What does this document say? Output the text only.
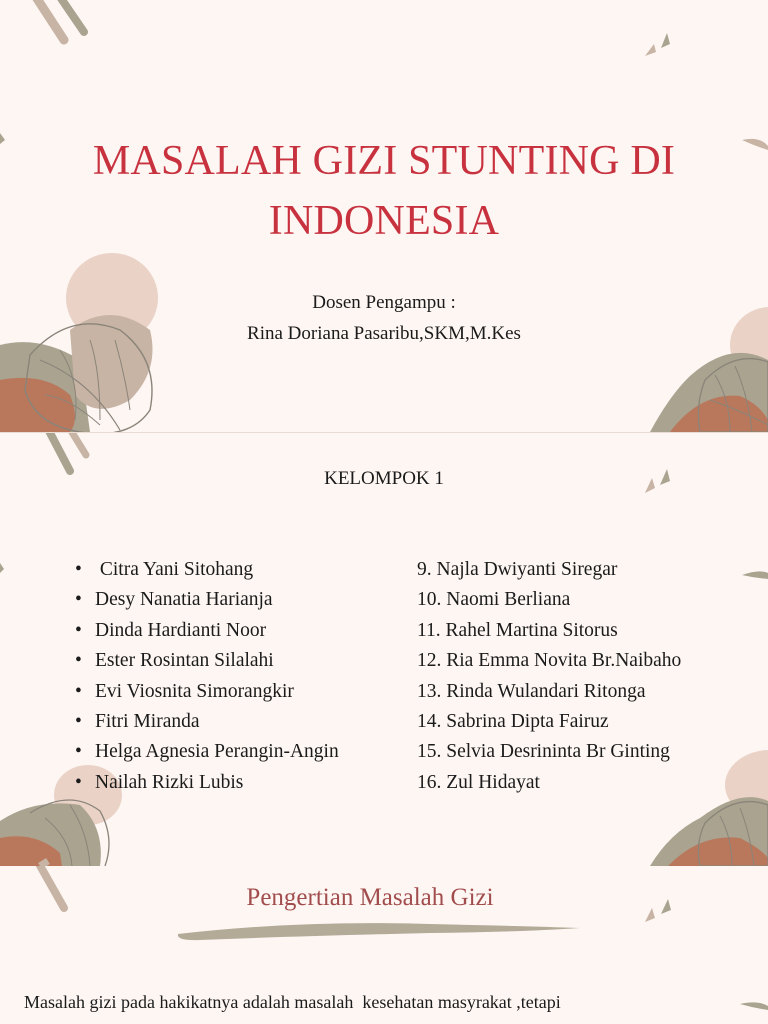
MASALAH GIZI STUNTING DI
INDONESIA
Dosen Pengampu :
Rina Doriana Pasaribu,SKM,M.Kes
KELOMPOK 1
• Citra Yani Sitohang
• Desy Nanatia Harianja
• Dinda Hardianti Noor
• Ester Rosintan Silalahi
• Evi Viosnita Simorangkir
• Fitri Miranda
• Helga Agnesia Perangin-Angin
• Nailah Rizki Lubis
9. Najla Dwiyanti Siregar
10. Naomi Berliana
11. Rahel Martina Sitorus
12. Ria Emma Novita Br.Naibaho
13. Rinda Wulandari Ritonga
14. Sabrina Dipta Fairuz
15. Selvia Desrininta Br Ginting
16. Zul Hidayat
Pengertian Masalah Gizi
Masalah gizi pada hakikatnya adalah masalah  kesehatan masyrakat ,tetapi
